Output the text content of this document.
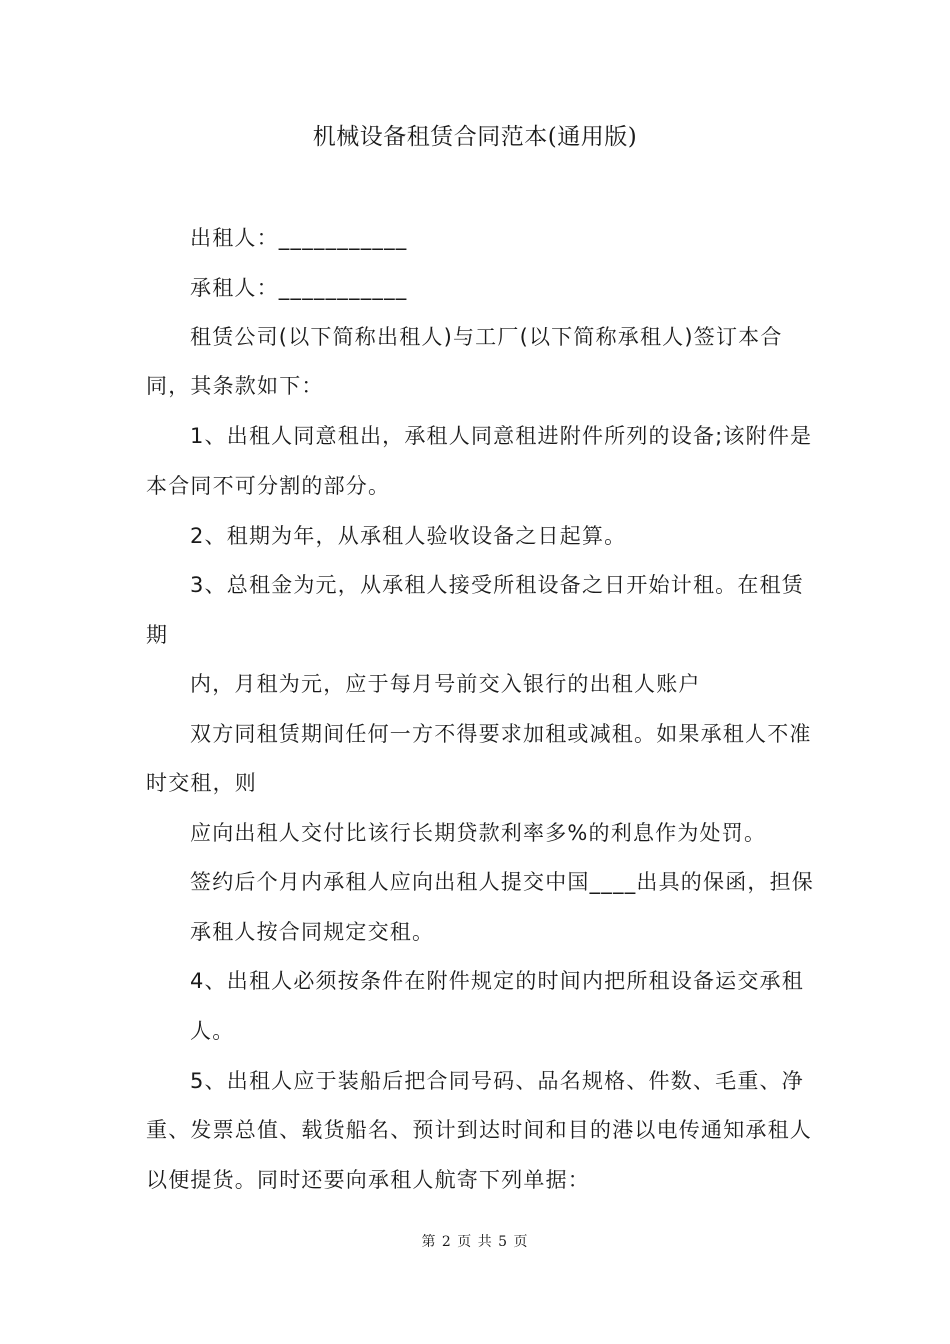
机械设备租赁合同范本(通用版)
出租人：___________
承租人：___________
租赁公司(以下简称出租人)与工厂(以下简称承租人)签订本合
同，其条款如下：
1、出租人同意租出，承租人同意租进附件所列的设备;该附件是
本合同不可分割的部分。
2、租期为年，从承租人验收设备之日起算。
3、总租金为元，从承租人接受所租设备之日开始计租。在租赁
期
内，月租为元，应于每月号前交入银行的出租人账户
双方同租赁期间任何一方不得要求加租或减租。如果承租人不准
时交租，则
应向出租人交付比该行长期贷款利率多%的利息作为处罚。
签约后个月内承租人应向出租人提交中国____出具的保函，担保
承租人按合同规定交租。
4、出租人必须按条件在附件规定的时间内把所租设备运交承租
人。
5、出租人应于装船后把合同号码、品名规格、件数、毛重、净
重、发票总值、载货船名、预计到达时间和目的港以电传通知承租人
以便提货。同时还要向承租人航寄下列单据：
第 2 页 共 5 页
